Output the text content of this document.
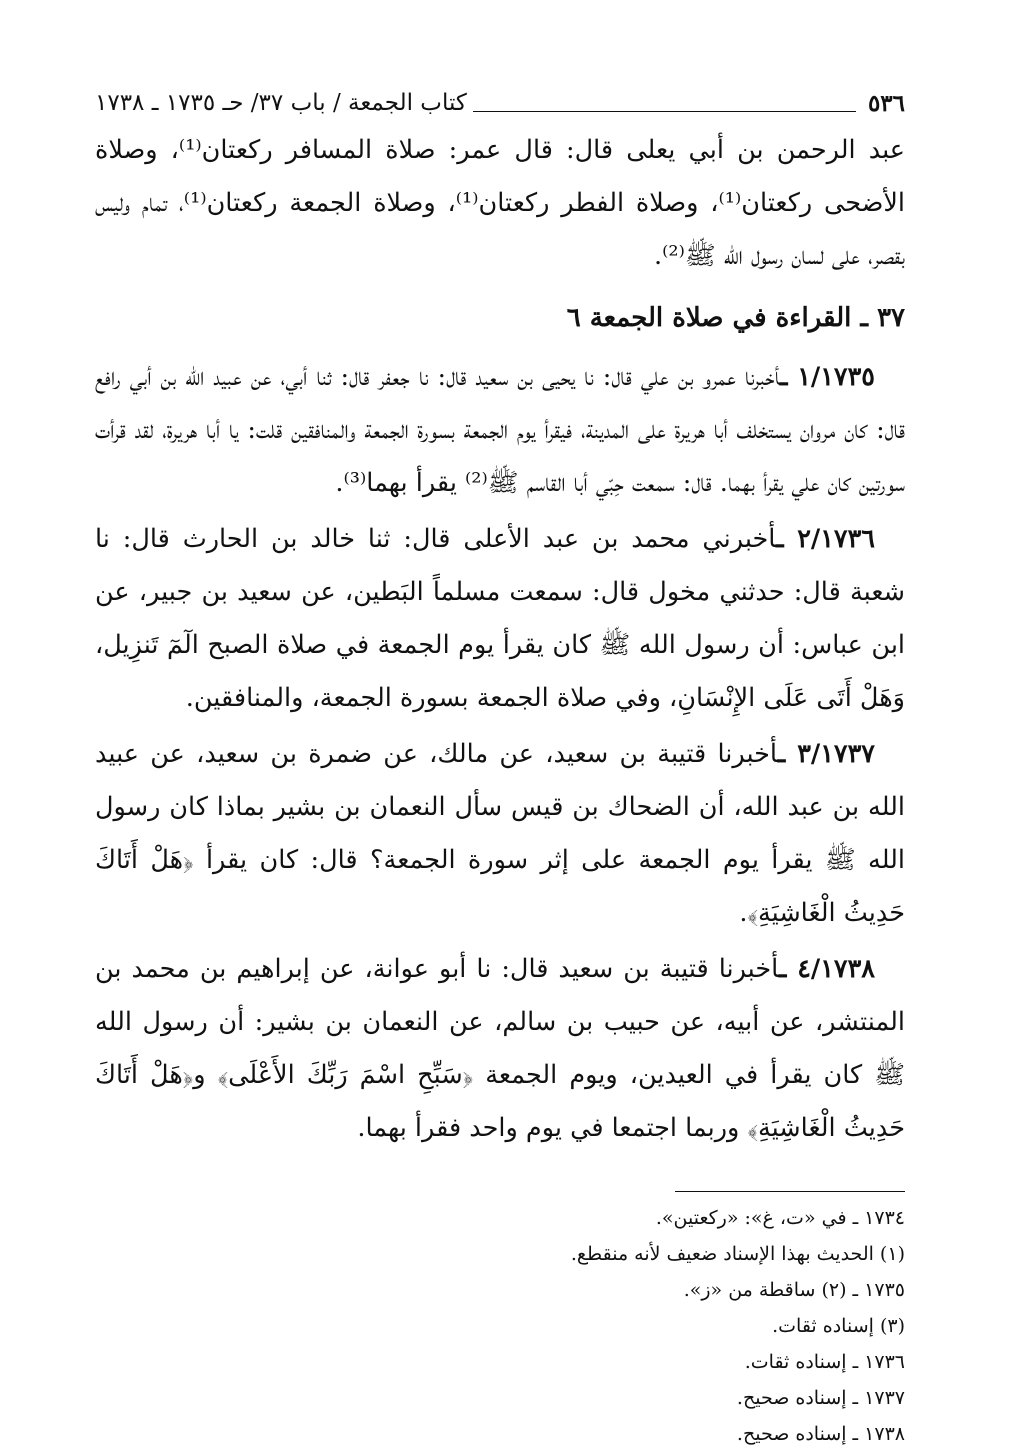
٥٣٦
كتاب الجمعة / باب ٣٧/ حـ ١٧٣٥ ـ ١٧٣٨

عبد الرحمن بن أبي يعلى قال: قال عمر: صلاة المسافر ركعتان⁽¹⁾، وصلاة الأضحى ركعتان⁽¹⁾، وصلاة الفطر ركعتان⁽¹⁾، وصلاة الجمعة ركعتان⁽¹⁾، تمام وليس بقصر، على لسان رسول الله ﷺ⁽²⁾.

٣٧ ـ القراءة في صلاة الجمعة ٦

١/١٧٣٥ ـأخبرنا عمرو بن علي قال: نا يحيى بن سعيد قال: نا جعفر قال: ثنا أبي، عن عبيد الله بن أبي رافع قال: كان مروان يستخلف أبا هريرة على المدينة، فيقرأ يوم الجمعة بسورة الجمعة والمنافقين قلت: يا أبا هريرة، لقد قرأت سورتين كان علي يقرأ بهما. قال: سمعت حِبّي أبا القاسم ﷺ⁽²⁾ يقرأ بهما⁽³⁾.

٢/١٧٣٦ ـأخبرني محمد بن عبد الأعلى قال: ثنا خالد بن الحارث قال: نا شعبة قال: حدثني مخول قال: سمعت مسلماً البَطين، عن سعيد بن جبير، عن ابن عباس: أن رسول الله ﷺ كان يقرأ يوم الجمعة في صلاة الصبح الٓمٓ تَنزِيل، وَهَلْ أَتَى عَلَى الإِنْسَانِ، وفي صلاة الجمعة بسورة الجمعة، والمنافقين.

٣/١٧٣٧ ـأخبرنا قتيبة بن سعيد، عن مالك، عن ضمرة بن سعيد، عن عبيد الله بن عبد الله، أن الضحاك بن قيس سأل النعمان بن بشير بماذا كان رسول الله ﷺ يقرأ يوم الجمعة على إثر سورة الجمعة؟ قال: كان يقرأ ﴿هَلْ أَتَاكَ حَدِيثُ الْغَاشِيَةِ﴾.

٤/١٧٣٨ ـأخبرنا قتيبة بن سعيد قال: نا أبو عوانة، عن إبراهيم بن محمد بن المنتشر، عن أبيه، عن حبيب بن سالم، عن النعمان بن بشير: أن رسول الله ﷺ كان يقرأ في العيدين، ويوم الجمعة ﴿سَبِّحِ اسْمَ رَبِّكَ الأَعْلَى﴾ و﴿هَلْ أَتَاكَ حَدِيثُ الْغَاشِيَةِ﴾ وربما اجتمعا في يوم واحد فقرأ بهما.

١٧٣٤ ـ في «ت، غ»: «ركعتين».

(١) الحديث بهذا الإسناد ضعيف لأنه منقطع.

١٧٣٥ ـ (٢) ساقطة من «ز».

(٣) إسناده ثقات.

١٧٣٦ ـ إسناده ثقات.

١٧٣٧ ـ إسناده صحيح.

١٧٣٨ ـ إسناده صحيح.
